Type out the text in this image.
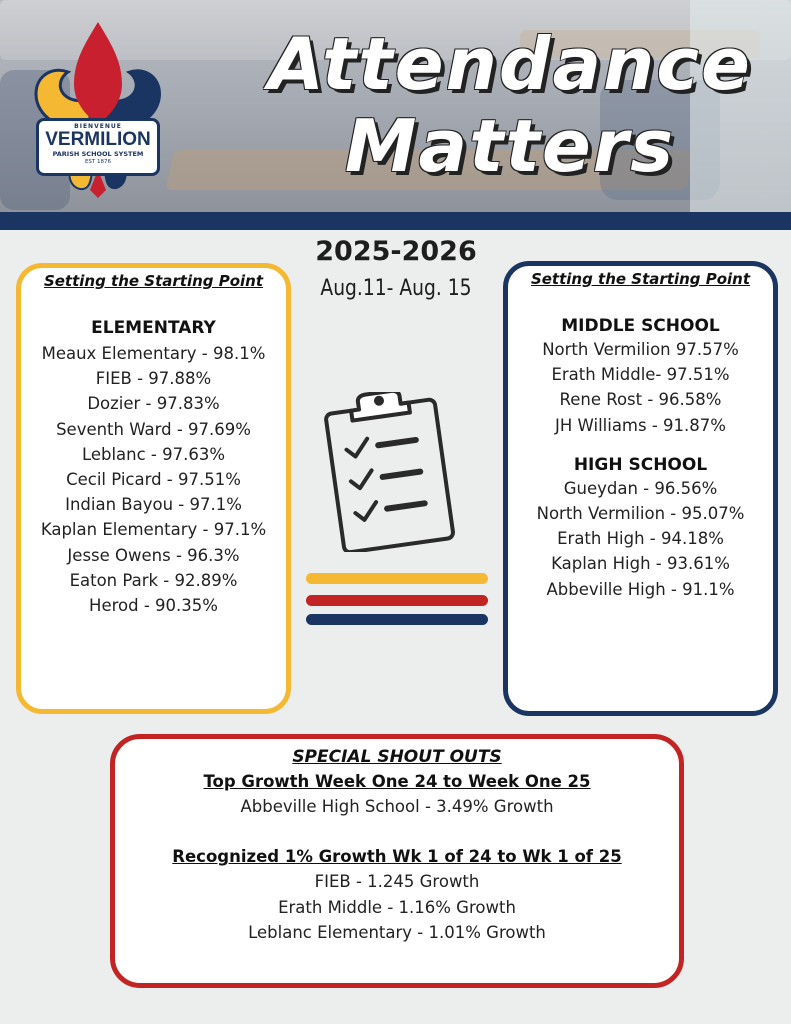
Attendance
Matters
BIENVENUE
VERMILION
PARISH SCHOOL SYSTEM
EST 1876
2025-2026
Aug.11- Aug. 15
Setting the Starting Point
ELEMENTARY
Meaux Elementary - 98.1%
FIEB - 97.88%
Dozier - 97.83%
Seventh Ward - 97.69%
Leblanc - 97.63%
Cecil Picard - 97.51%
Indian Bayou - 97.1%
Kaplan Elementary - 97.1%
Jesse Owens - 96.3%
Eaton Park - 92.89%
Herod - 90.35%
Setting the Starting Point
MIDDLE SCHOOL
North Vermilion 97.57%
Erath Middle- 97.51%
Rene Rost - 96.58%
JH Williams - 91.87%
HIGH SCHOOL
Gueydan - 96.56%
North Vermilion - 95.07%
Erath High - 94.18%
Kaplan High - 93.61%
Abbeville High - 91.1%
SPECIAL SHOUT OUTS
Top Growth Week One 24 to Week One 25
Abbeville High School - 3.49% Growth
Recognized 1% Growth Wk 1 of 24 to Wk 1 of 25
FIEB - 1.245 Growth
Erath Middle - 1.16% Growth
Leblanc Elementary - 1.01% Growth
